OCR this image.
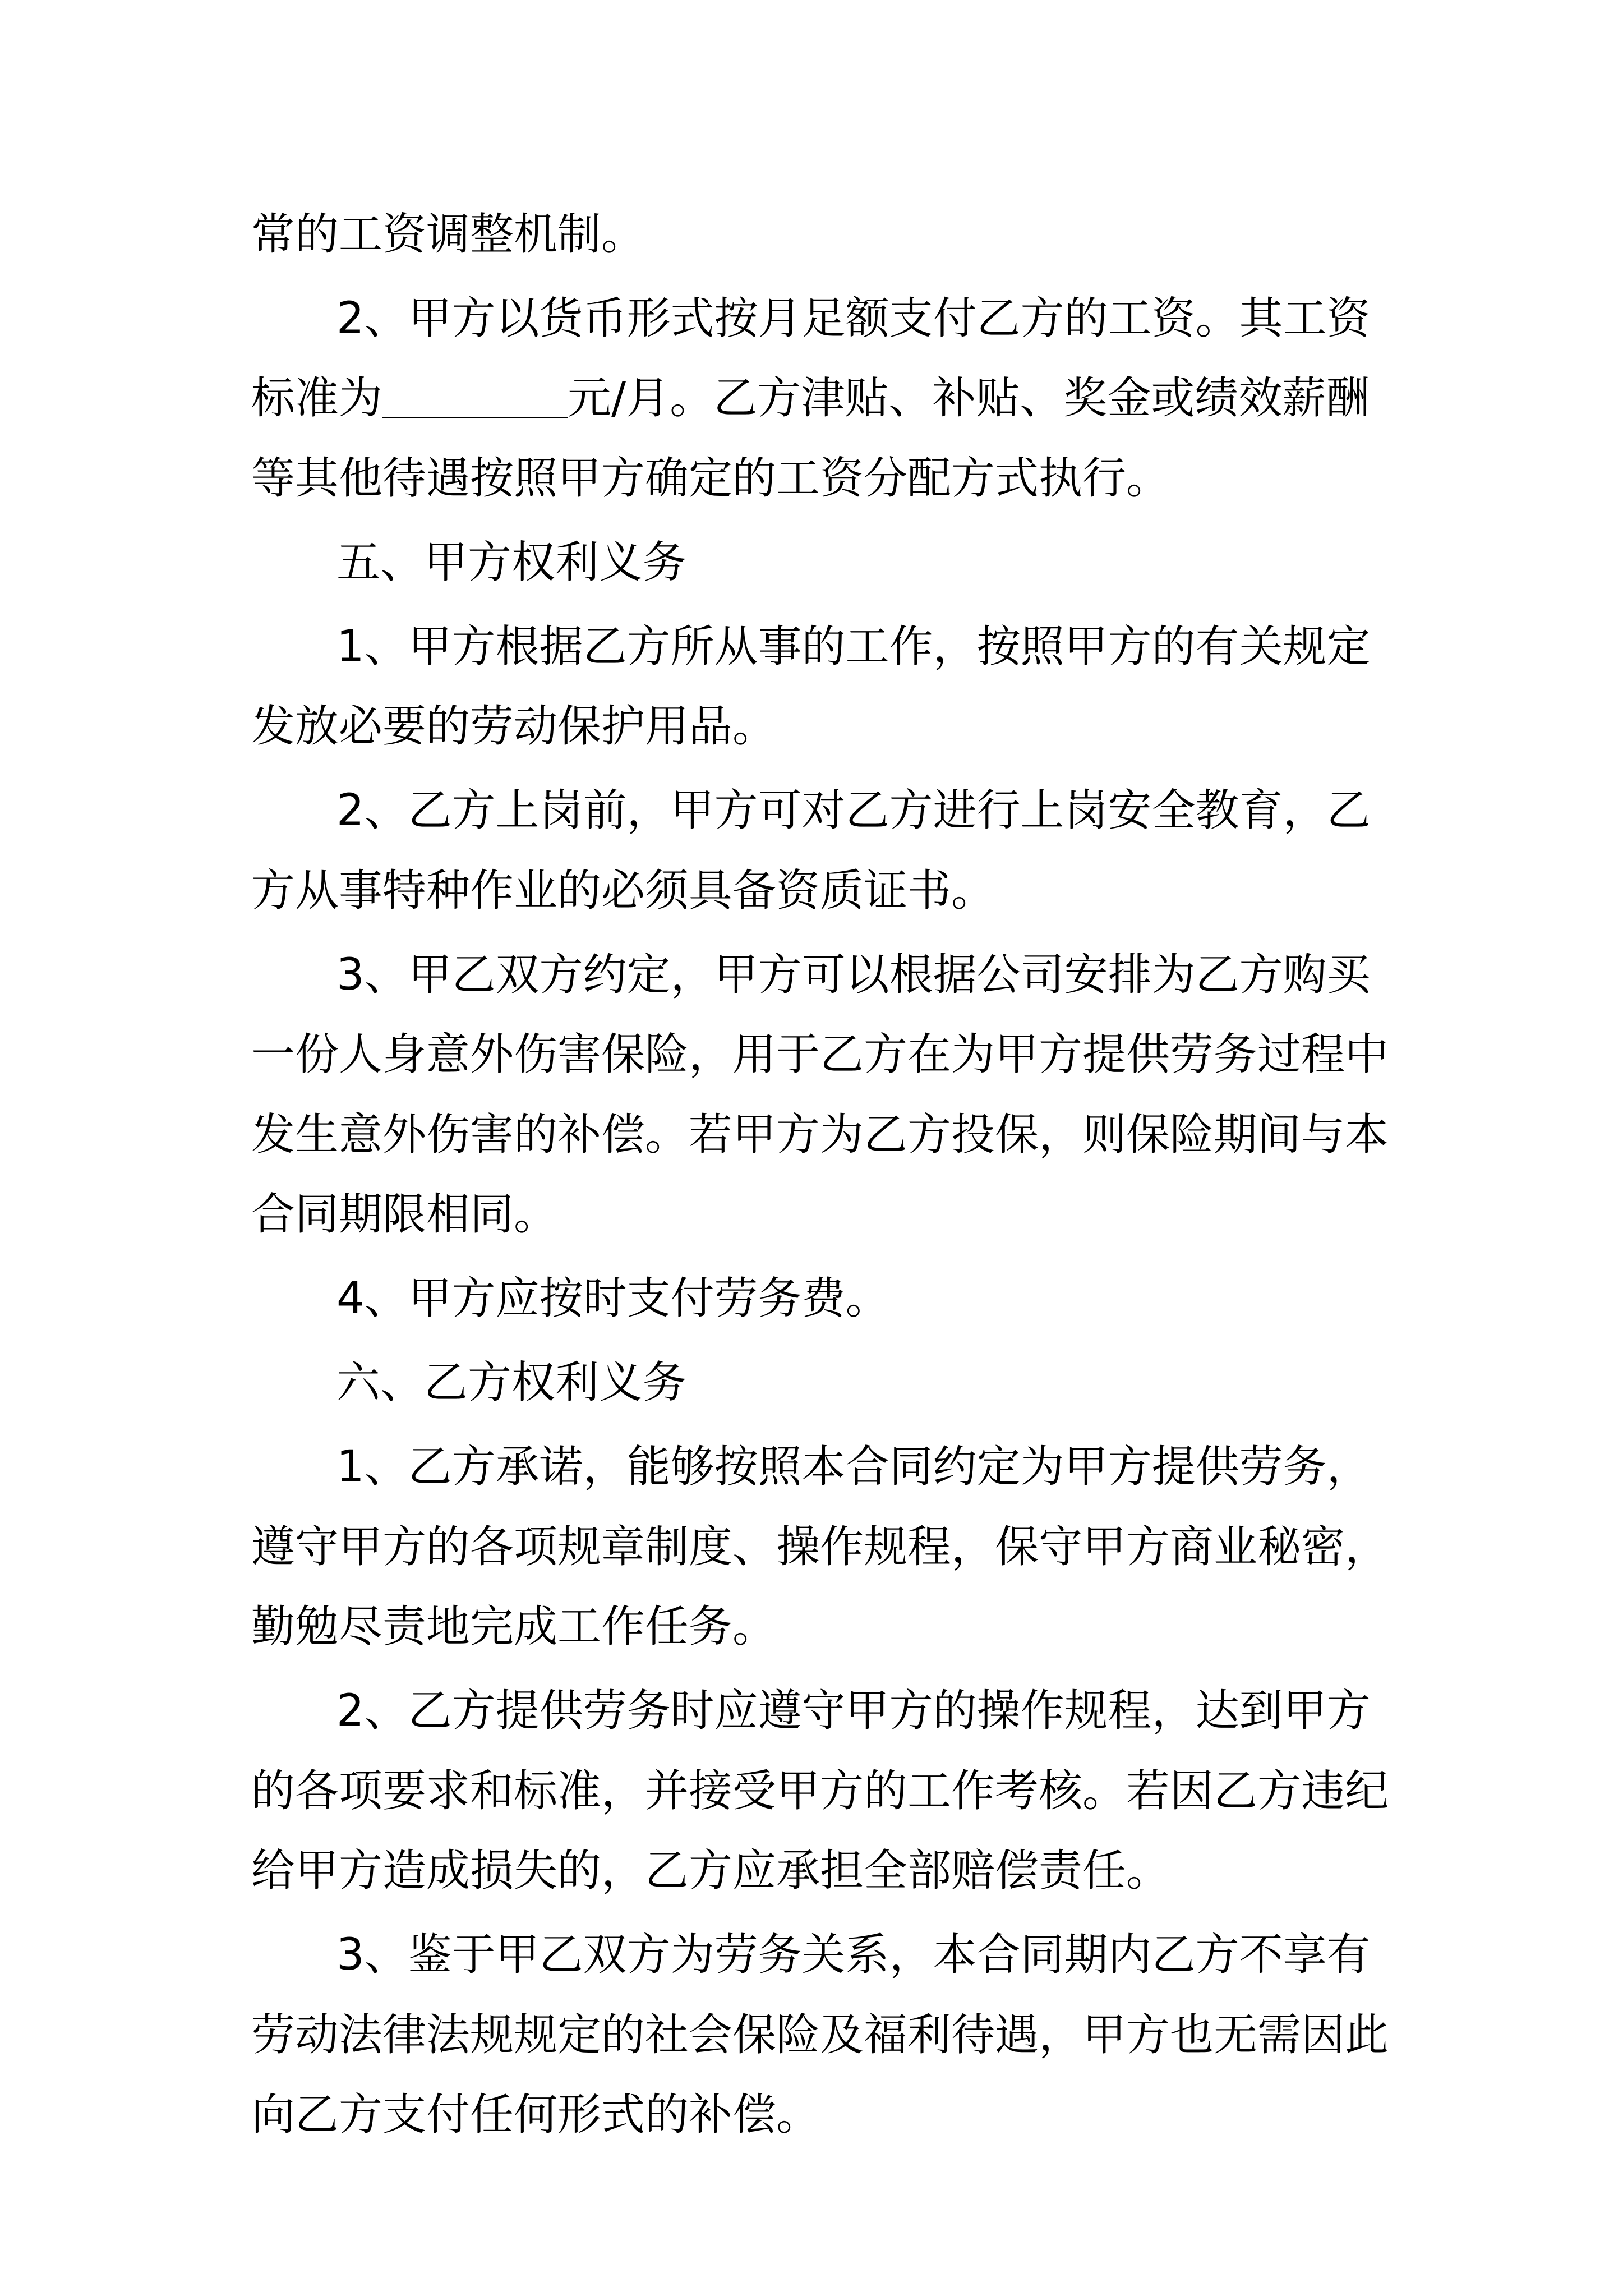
常的工资调整机制。
2、甲方以货币形式按月足额支付乙方的工资。其工资
标准为	元/月。乙方津贴、补贴、奖金或绩效薪酬
等其他待遇按照甲方确定的工资分配方式执行。
五、甲方权利义务
1、甲方根据乙方所从事的工作，按照甲方的有关规定
发放必要的劳动保护用品。
2、乙方上岗前，甲方可对乙方进行上岗安全教育，乙
方从事特种作业的必须具备资质证书。
3、甲乙双方约定，甲方可以根据公司安排为乙方购买
一份人身意外伤害保险，用于乙方在为甲方提供劳务过程中
发生意外伤害的补偿。若甲方为乙方投保，则保险期间与本
合同期限相同。
4、甲方应按时支付劳务费。
六、乙方权利义务
1、乙方承诺，能够按照本合同约定为甲方提供劳务，
遵守甲方的各项规章制度、操作规程，保守甲方商业秘密，
勤勉尽责地完成工作任务。
2、乙方提供劳务时应遵守甲方的操作规程，达到甲方
的各项要求和标准，并接受甲方的工作考核。若因乙方违纪
给甲方造成损失的，乙方应承担全部赔偿责任。
3、鉴于甲乙双方为劳务关系，本合同期内乙方不享有
劳动法律法规规定的社会保险及福利待遇，甲方也无需因此
向乙方支付任何形式的补偿。
